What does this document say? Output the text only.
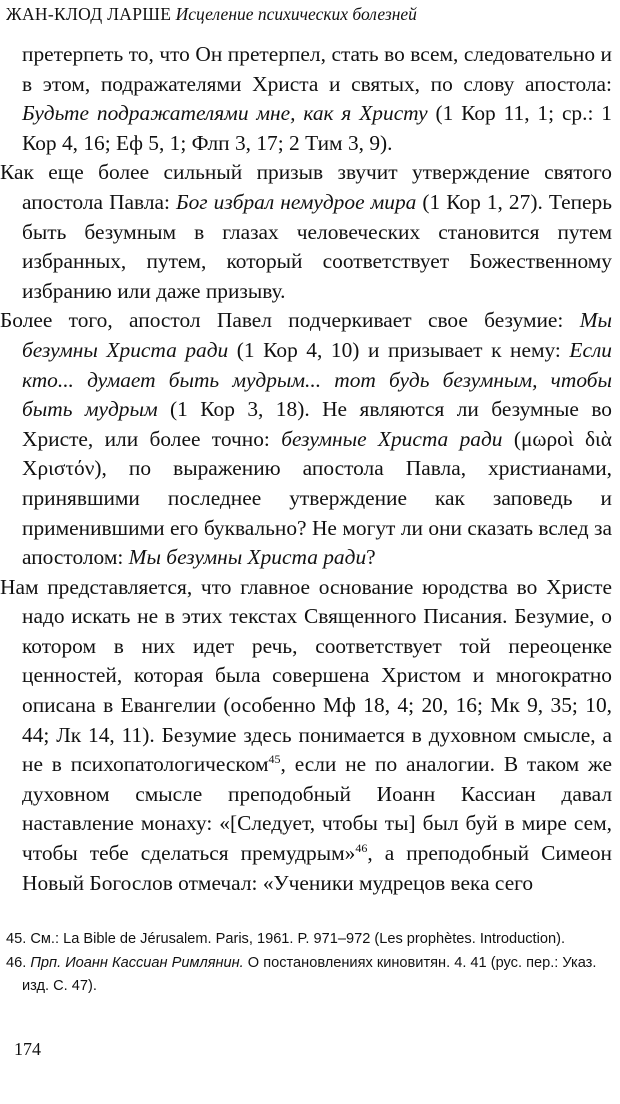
ЖАН-КЛОД ЛАРШЕ Исцеление психических болезней

претерпеть то, что Он претерпел, стать во всем, следовательно и в этом, подражателями Христа и святых, по слову апостола: Будьте подражателями мне, как я Христу (1 Кор 11, 1; ср.: 1 Кор 4, 16; Еф 5, 1; Флп 3, 17; 2 Тим 3, 9).

Как еще более сильный призыв звучит утверждение святого апостола Павла: Бог избрал немудрое мира (1 Кор 1, 27). Теперь быть безумным в глазах человеческих становится путем избранных, путем, который соответствует Божественному избранию или даже призыву.

Более того, апостол Павел подчеркивает свое безумие: Мы безумны Христа ради (1 Кор 4, 10) и призывает к нему: Если кто... думает быть мудрым... тот будь безумным, чтобы быть мудрым (1 Кор 3, 18). Не являются ли безумные во Христе, или более точно: безумные Христа ради (μωροὶ διὰ Χριστόν), по выражению апостола Павла, христианами, принявшими последнее утверждение как заповедь и применившими его буквально? Не могут ли они сказать вслед за апостолом: Мы безумны Христа ради?

Нам представляется, что главное основание юродства во Христе надо искать не в этих текстах Священного Писания. Безумие, о котором в них идет речь, соответствует той переоценке ценностей, которая была совершена Христом и многократно описана в Евангелии (особенно Мф 18, 4; 20, 16; Мк 9, 35; 10, 44; Лк 14, 11). Безумие здесь понимается в духовном смысле, а не в психопатологическом$^{45}$, если не по аналогии. В таком же духовном смысле преподобный Иоанн Кассиан давал наставление монаху: «[Следует, чтобы ты] был буй в мире сем, чтобы тебе сделаться премудрым»$^{46}$, а преподобный Симеон Новый Богослов отмечал: «Ученики мудрецов века сего

45. См.: La Bible de Jérusalem. Paris, 1961. P. 971–972 (Les prophètes. Introduction).

46. Прп. Иоанн Кассиан Римлянин. О постановлениях киновитян. 4. 41 (рус. пер.: Указ. изд. С. 47).

174
